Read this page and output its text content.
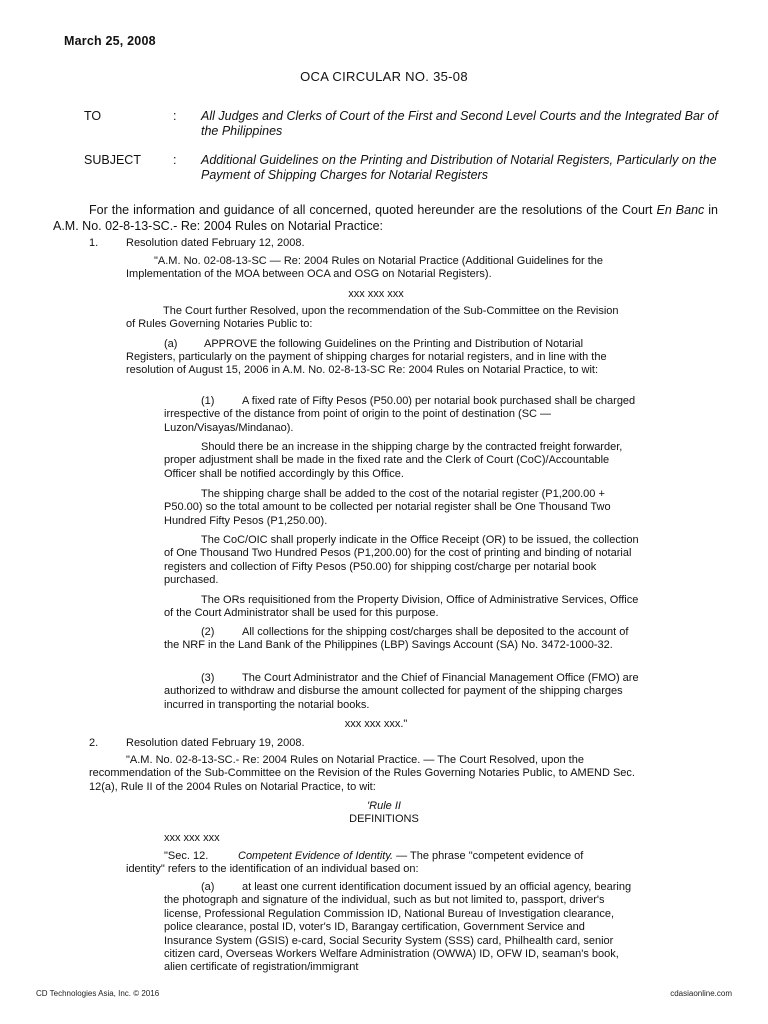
March 25, 2008
OCA CIRCULAR NO. 35-08
TO	: All Judges and Clerks of Court of the First and Second Level Courts and the Integrated Bar of the Philippines
SUBJECT	: Additional Guidelines on the Printing and Distribution of Notarial Registers, Particularly on the Payment of Shipping Charges for Notarial Registers
For the information and guidance of all concerned, quoted hereunder are the resolutions of the Court En Banc in A.M. No. 02-8-13-SC.- Re: 2004 Rules on Notarial Practice:
1.	Resolution dated February 12, 2008.
"A.M. No. 02-08-13-SC — Re: 2004 Rules on Notarial Practice (Additional Guidelines for the Implementation of the MOA between OCA and OSG on Notarial Registers).
xxx xxx xxx
The Court further Resolved, upon the recommendation of the Sub-Committee on the Revision of Rules Governing Notaries Public to:
(a) APPROVE the following Guidelines on the Printing and Distribution of Notarial
Registers, particularly on the payment of shipping charges for notarial registers, and in line with the resolution of August 15, 2006 in A.M. No. 02-8-13-SC Re: 2004 Rules on Notarial Practice, to wit:
(1)	A fixed rate of Fifty Pesos (P50.00) per notarial book purchased shall be charged irrespective of the distance from point of origin to the point of destination (SC — Luzon/Visayas/Mindanao).
Should there be an increase in the shipping charge by the contracted freight forwarder, proper adjustment shall be made in the fixed rate and the Clerk of Court (CoC)/Accountable Officer shall be notified accordingly by this Office.
The shipping charge shall be added to the cost of the notarial register (P1,200.00 + P50.00) so the total amount to be collected per notarial register shall be One Thousand Two Hundred Fifty Pesos (P1,250.00).
The CoC/OIC shall properly indicate in the Office Receipt (OR) to be issued, the collection of One Thousand Two Hundred Pesos (P1,200.00) for the cost of printing and binding of notarial registers and collection of Fifty Pesos (P50.00) for shipping cost/charge per notarial book purchased.
The ORs requisitioned from the Property Division, Office of Administrative Services, Office of the Court Administrator shall be used for this purpose.
(2)	All collections for the shipping cost/charges shall be deposited to the account of the NRF in the Land Bank of the Philippines (LBP) Savings Account (SA) No. 3472-1000-32.
(3)	The Court Administrator and the Chief of Financial Management Office (FMO) are authorized to withdraw and disburse the amount collected for payment of the shipping charges incurred in transporting the notarial books.
xxx xxx xxx."
2.	Resolution dated February 19, 2008.
"A.M. No. 02-8-13-SC.- Re: 2004 Rules on Notarial Practice. — The Court Resolved, upon the recommendation of the Sub-Committee on the Revision of the Rules Governing Notaries Public, to AMEND Sec. 12(a), Rule II of the 2004 Rules on Notarial Practice, to wit:
'Rule II
DEFINITIONS
xxx xxx xxx
"Sec. 12.	Competent Evidence of Identity. — The phrase "competent evidence of
identity" refers to the identification of an individual based on:
(a)	at least one current identification document issued by an official agency, bearing the photograph and signature of the individual, such as but not limited to, passport, driver's license, Professional Regulation Commission ID, National Bureau of Investigation clearance, police clearance, postal ID, voter's ID, Barangay certification, Government Service and Insurance System (GSIS) e-card, Social Security System (SSS) card, Philhealth card, senior citizen card, Overseas Workers Welfare Administration (OWWA) ID, OFW ID, seaman's book, alien certificate of registration/immigrant
CD Technologies Asia, Inc. © 2016	cdasiaonline.com
